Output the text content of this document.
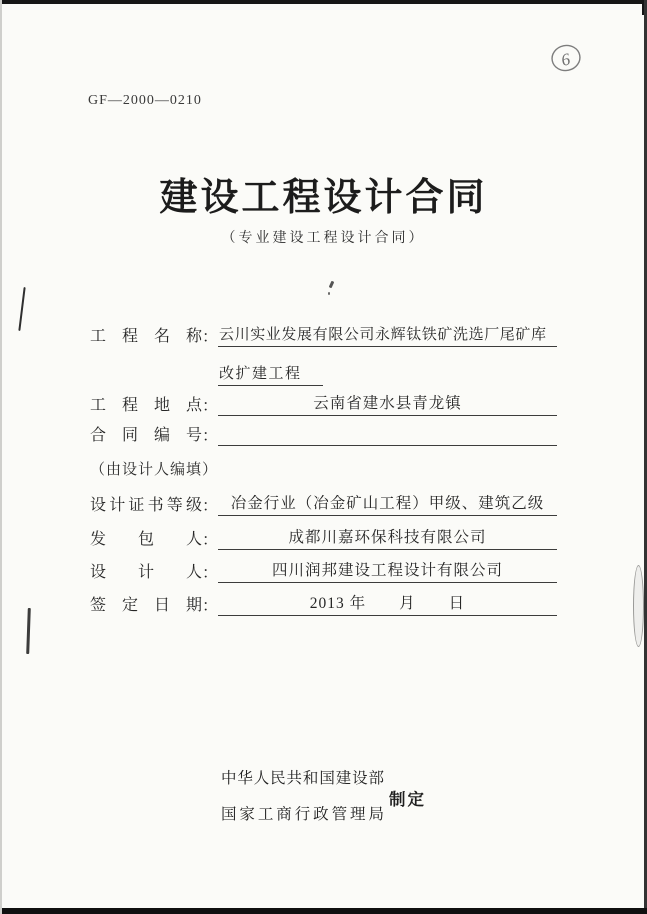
GF—2000—0210
6
建设工程设计合同
（专业建设工程设计合同）
工程名称 ： 云川实业发展有限公司永辉钛铁矿洗选厂尾矿库
改扩建工程
工程地点 ：	云南省建水县青龙镇
合同编号 ：
（由设计人编填）
设计证书等级 ： 冶金行业（冶金矿山工程）甲级、建筑乙级
发包人 ：	成都川嘉环保科技有限公司
设计人 ：	四川润邦建设工程设计有限公司
签定日期 ：	2013 年　　月　　日
中华人民共和国建设部
国家工商行政管理局
制定
